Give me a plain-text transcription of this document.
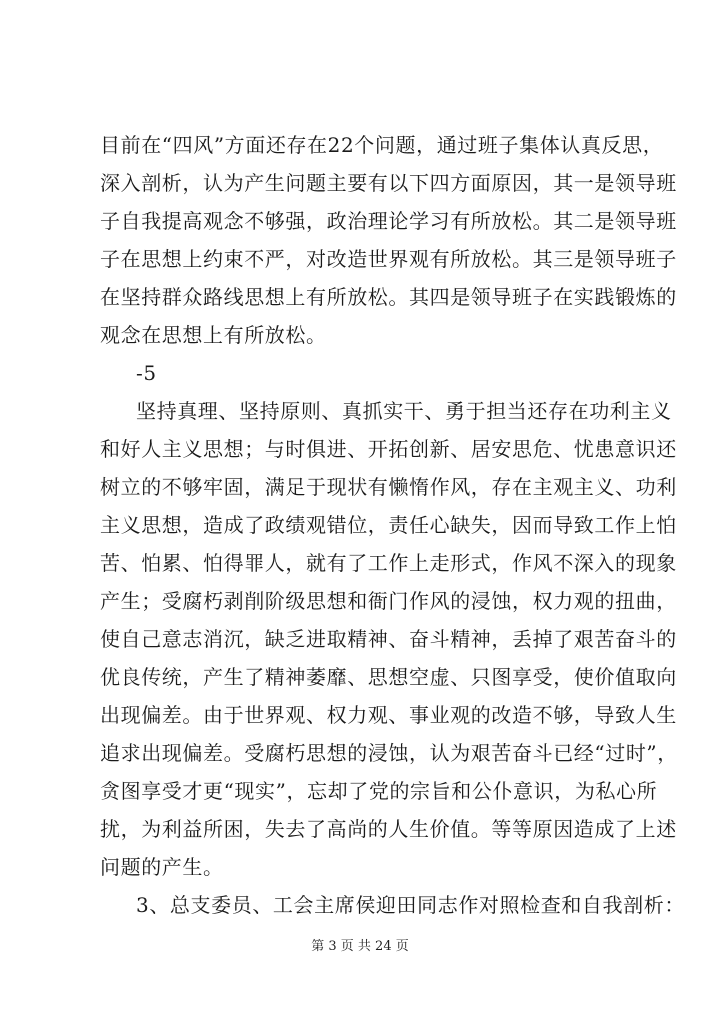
目前在“四风”方面还存在22个问题，通过班子集体认真反思，
深入剖析，认为产生问题主要有以下四方面原因，其一是领导班
子自我提高观念不够强，政治理论学习有所放松。其二是领导班
子在思想上约束不严，对改造世界观有所放松。其三是领导班子
在坚持群众路线思想上有所放松。其四是领导班子在实践锻炼的
观念在思想上有所放松。
-5
坚持真理、坚持原则、真抓实干、勇于担当还存在功利主义
和好人主义思想；与时俱进、开拓创新、居安思危、忧患意识还
树立的不够牢固，满足于现状有懒惰作风，存在主观主义、功利
主义思想，造成了政绩观错位，责任心缺失，因而导致工作上怕
苦、怕累、怕得罪人，就有了工作上走形式，作风不深入的现象
产生；受腐朽剥削阶级思想和衙门作风的浸蚀，权力观的扭曲，
使自己意志消沉，缺乏进取精神、奋斗精神，丢掉了艰苦奋斗的
优良传统，产生了精神萎靡、思想空虚、只图享受，使价值取向
出现偏差。由于世界观、权力观、事业观的改造不够，导致人生
追求出现偏差。受腐朽思想的浸蚀，认为艰苦奋斗已经“过时”，
贪图享受才更“现实”，忘却了党的宗旨和公仆意识，为私心所
扰，为利益所困，失去了高尚的人生价值。等等原因造成了上述
问题的产生。
3、总支委员、工会主席侯迎田同志作对照检查和自我剖析：
第 3 页 共 24 页
